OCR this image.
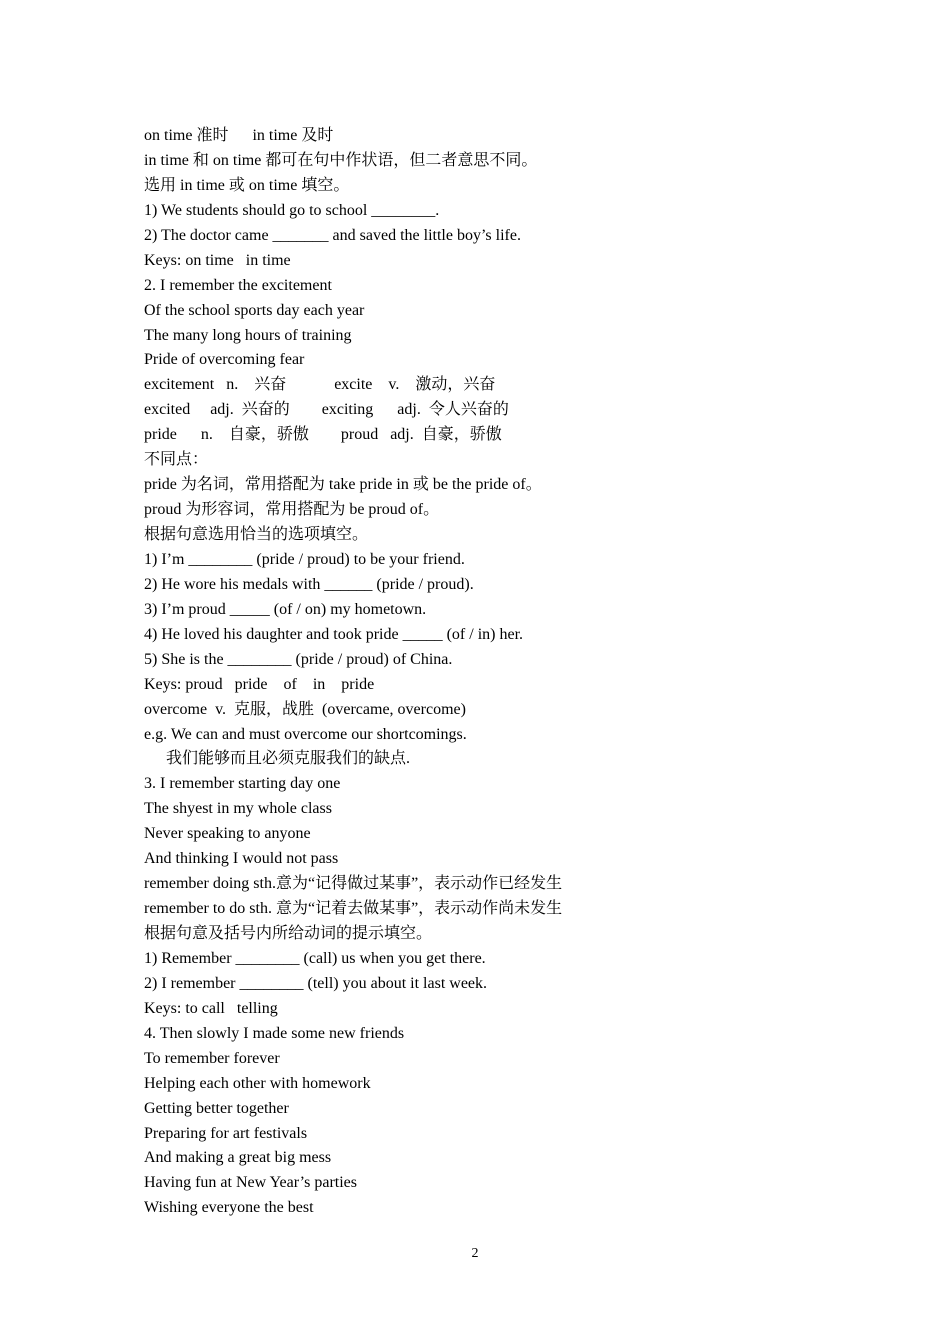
on time 准时      in time 及时

in time 和 on time 都可在句中作状语，但二者意思不同。

选用 in time 或 on time 填空。

1) We students should go to school ________.

2) The doctor came _______ and saved the little boy’s life.

Keys: on time   in time

2. I remember the excitement

Of the school sports day each year

The many long hours of training

Pride of overcoming fear

excitement   n.    兴奋            excite    v.    激动，兴奋

excited     adj.  兴奋的        exciting      adj.  令人兴奋的

pride      n.    自豪，骄傲        proud   adj.  自豪，骄傲

不同点：

pride 为名词，常用搭配为 take pride in 或 be the pride of。

proud 为形容词，常用搭配为 be proud of。

根据句意选用恰当的选项填空。

1) I’m ________ (pride / proud) to be your friend.

2) He wore his medals with ______ (pride / proud).

3) I’m proud _____ (of / on) my hometown.

4) He loved his daughter and took pride _____ (of / in) her.

5) She is the ________ (pride / proud) of China.

Keys: proud   pride    of    in    pride

overcome  v.  克服，战胜  (overcame, overcome)

e.g. We can and must overcome our shortcomings.

我们能够而且必须克服我们的缺点.

3. I remember starting day one

The shyest in my whole class

Never speaking to anyone

And thinking I would not pass

remember doing sth.意为“记得做过某事”，表示动作已经发生

remember to do sth. 意为“记着去做某事”，表示动作尚未发生

根据句意及括号内所给动词的提示填空。

1) Remember ________ (call) us when you get there.

2) I remember ________ (tell) you about it last week.

Keys: to call   telling

4. Then slowly I made some new friends

To remember forever

Helping each other with homework

Getting better together

Preparing for art festivals

And making a great big mess

Having fun at New Year’s parties

Wishing everyone the best

2
